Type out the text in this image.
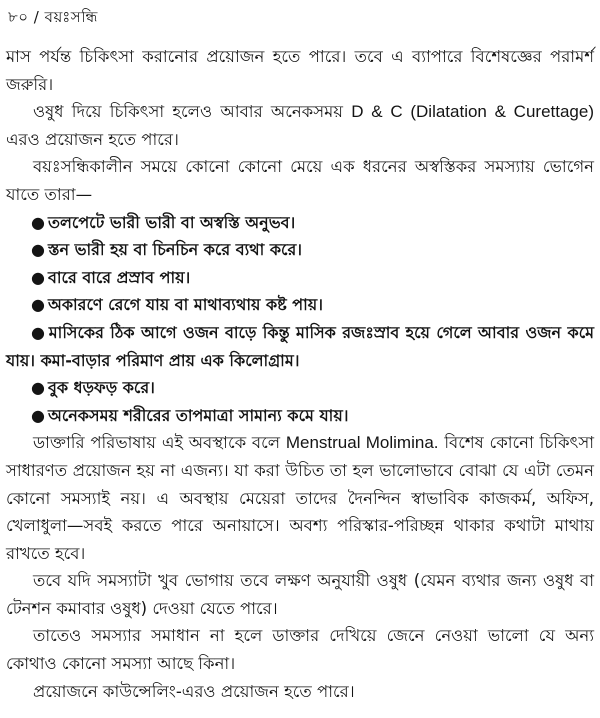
৮০ / বয়ঃসন্ধি

মাস পর্যন্ত চিকিৎসা করানোর প্রয়োজন হতে পারে। তবে এ ব্যাপারে বিশেষজ্ঞের পরামর্শ জরুরি।

ওষুধ দিয়ে চিকিৎসা হলেও আবার অনেকসময় D & C (Dilatation & Curettage) এরও প্রয়োজন হতে পারে।

বয়ঃসন্ধিকালীন সময়ে কোনো কোনো মেয়ে এক ধরনের অস্বস্তিকর সমস্যায় ভোগেন যাতে তারা—

● তলপেটে ভারী ভারী বা অস্বস্তি অনুভব।

● স্তন ভারী হয় বা চিনচিন করে ব্যথা করে।

● বারে বারে প্রস্রাব পায়।

● অকারণে রেগে যায় বা মাথাব্যথায় কষ্ট পায়।

● মাসিকের ঠিক আগে ওজন বাড়ে কিন্তু মাসিক রজঃস্রাব হয়ে গেলে আবার ওজন কমে যায়। কমা-বাড়ার পরিমাণ প্রায় এক কিলোগ্রাম।

● বুক ধড়ফড় করে।

● অনেকসময় শরীরের তাপমাত্রা সামান্য কমে যায়।

ডাক্তারি পরিভাষায় এই অবস্থাকে বলে Menstrual Molimina. বিশেষ কোনো চিকিৎসা সাধারণত প্রয়োজন হয় না এজন্য। যা করা উচিত তা হল ভালোভাবে বোঝা যে এটা তেমন কোনো সমস্যাই নয়। এ অবস্থায় মেয়েরা তাদের দৈনন্দিন স্বাভাবিক কাজকর্ম, অফিস, খেলাধুলা—সবই করতে পারে অনায়াসে। অবশ্য পরিস্কার-পরিচ্ছন্ন থাকার কথাটা মাথায় রাখতে হবে।

তবে যদি সমস্যাটা খুব ভোগায় তবে লক্ষণ অনুযায়ী ওষুধ (যেমন ব্যথার জন্য ওষুধ বা টেনশন কমাবার ওষুধ) দেওয়া যেতে পারে।

তাতেও সমস্যার সমাধান না হলে ডাক্তার দেখিয়ে জেনে নেওয়া ভালো যে অন্য কোথাও কোনো সমস্যা আছে কিনা।

প্রয়োজনে কাউন্সেলিং-এরও প্রয়োজন হতে পারে।
